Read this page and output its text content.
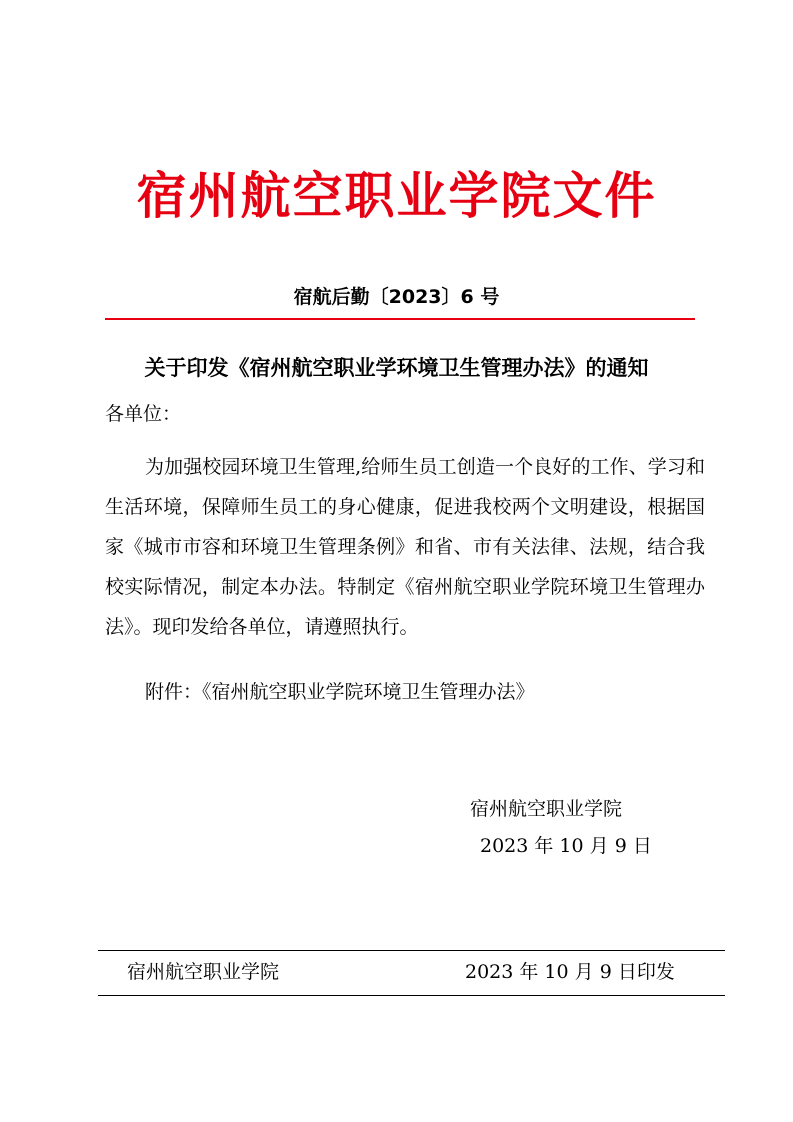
宿州航空职业学院文件
宿航后勤〔2023〕6 号
关于印发《宿州航空职业学环境卫生管理办法》的通知
各单位：

为加强校园环境卫生管理,给师生员工创造一个良好的工作、学习和生活环境，保障师生员工的身心健康，促进我校两个文明建设，根据国家《城市市容和环境卫生管理条例》和省、市有关法律、法规，结合我校实际情况，制定本办法。特制定《宿州航空职业学院环境卫生管理办法》。现印发给各单位，请遵照执行。

附件：《宿州航空职业学院环境卫生管理办法》
宿州航空职业学院
2023 年 10 月 9 日
宿州航空职业学院	2023 年 10 月 9 日印发
